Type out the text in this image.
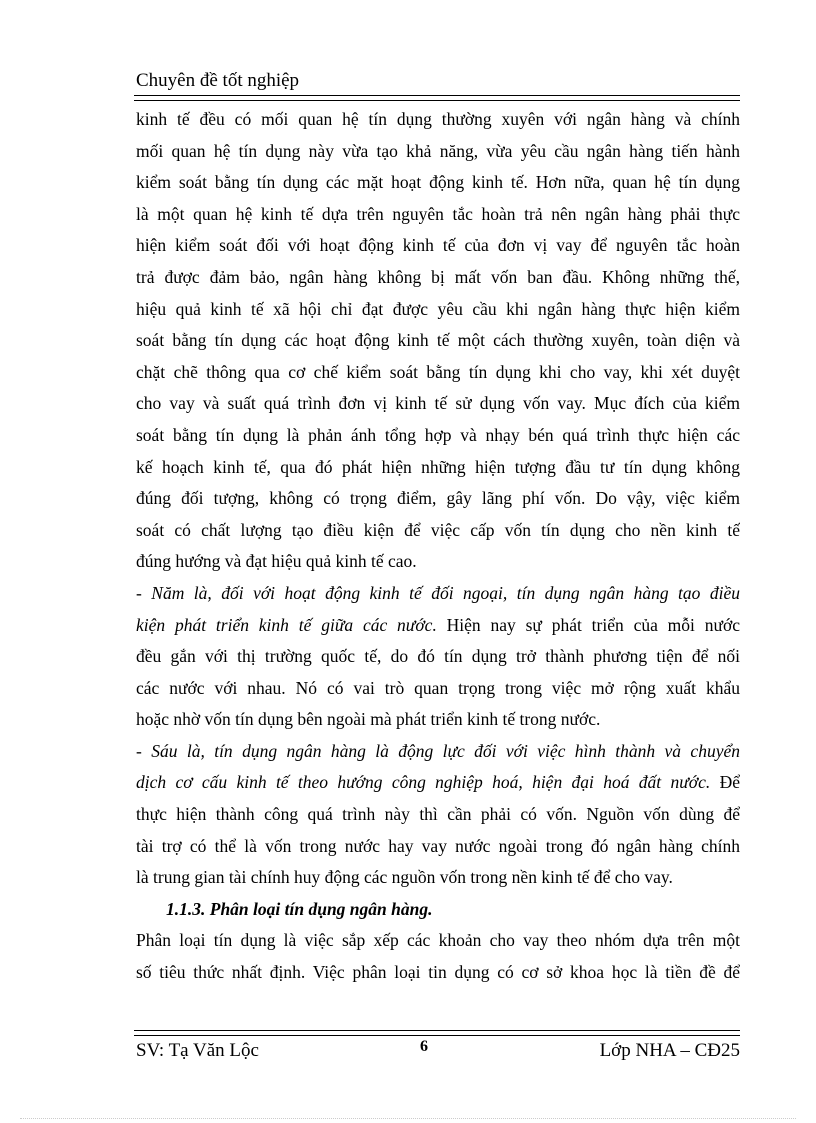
Chuyên đề tốt nghiệp
kinh tế đều có mối quan hệ tín dụng thường xuyên với ngân hàng và chính
mối quan hệ tín dụng này vừa tạo khả năng, vừa yêu cầu ngân hàng tiến hành
kiểm soát bằng tín dụng các mặt hoạt động kinh tế. Hơn nữa, quan hệ tín dụng
là một quan hệ kinh tế dựa trên nguyên tắc hoàn trả nên ngân hàng phải thực
hiện kiểm soát đối với hoạt động kinh tế của đơn vị vay để nguyên tắc hoàn
trả được đảm bảo, ngân hàng không bị mất vốn ban đầu. Không những thế,
hiệu quả kinh tế xã hội chỉ đạt được yêu cầu khi ngân hàng thực hiện kiểm
soát bằng tín dụng các hoạt động kinh tế một cách thường xuyên, toàn diện và
chặt chẽ thông qua cơ chế kiểm soát bằng tín dụng khi cho vay, khi xét duyệt
cho vay và suất quá trình đơn vị kinh tế sử dụng vốn vay. Mục đích của kiểm
soát bằng tín dụng là phản ánh tổng hợp và nhạy bén quá trình thực hiện các
kế hoạch kinh tế, qua đó phát hiện những hiện tượng đầu tư tín dụng không
đúng đối tượng, không có trọng điểm, gây lãng phí vốn. Do vậy, việc kiểm
soát có chất lượng tạo điều kiện để việc cấp vốn tín dụng cho nền kinh tế
đúng hướng và đạt hiệu quả kinh tế cao.
- Năm là, đối với hoạt động kinh tế đối ngoại, tín dụng ngân hàng tạo điều
kiện phát triển kinh tế giữa các nước. Hiện nay sự phát triển của mỗi nước
đều gắn với thị trường quốc tế, do đó tín dụng trở thành phương tiện để nối
các nước với nhau. Nó có vai trò quan trọng trong việc mở rộng xuất khẩu
hoặc nhờ vốn tín dụng bên ngoài mà phát triển kinh tế trong nước.
- Sáu là, tín dụng ngân hàng là động lực đối với việc hình thành và chuyển
dịch cơ cấu kinh tế theo hướng công nghiệp hoá, hiện đại hoá đất nước. Để
thực hiện thành công quá trình này thì cần phải có vốn. Nguồn vốn dùng để
tài trợ có thể là vốn trong nước hay vay nước ngoài trong đó ngân hàng chính
là trung gian tài chính huy động các nguồn vốn trong nền kinh tế để cho vay.
1.1.3. Phân loại tín dụng ngân hàng.
Phân loại tín dụng là việc sắp xếp các khoản cho vay theo nhóm dựa trên một
số tiêu thức nhất định. Việc phân loại tin dụng có cơ sở khoa học là tiền đề để
SV: Tạ Văn Lộc	6	Lớp NHA – CĐ25
